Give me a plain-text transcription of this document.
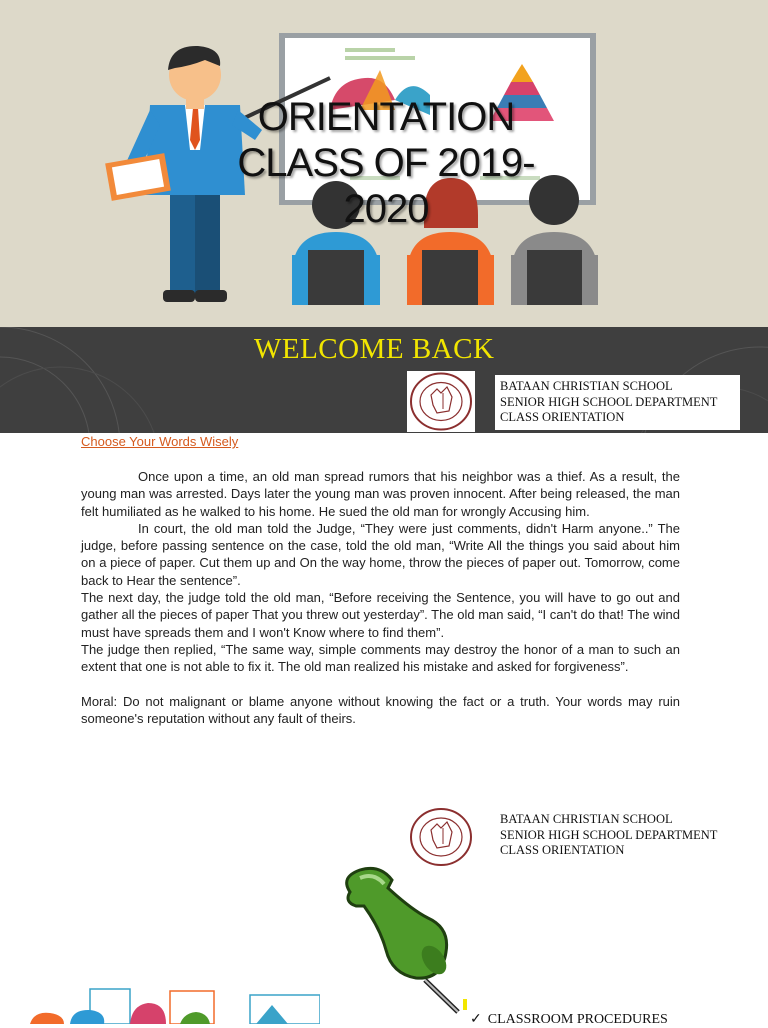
ORIENTATION
CLASS OF 2019-2020
WELCOME BACK
BATAAN CHRISTIAN SCHOOL
SENIOR HIGH SCHOOL DEPARTMENT
CLASS ORIENTATION
Choose Your Words Wisely

Once upon a time, an old man spread rumors that his neighbor was a thief. As a result, the young man was arrested. Days later the young man was proven innocent. After being released, the man felt humiliated as he walked to his home. He sued the old man for wrongly Accusing him.

In court, the old man told the Judge, “They were just comments, didn't Harm anyone..” The judge, before passing sentence on the case, told the old man, “Write All the things you said about him on a piece of paper. Cut them up and On the way home, throw the pieces of paper out. Tomorrow, come back to Hear the sentence”.

The next day, the judge told the old man, “Before receiving the Sentence, you will have to go out and gather all the pieces of paper That you threw out yesterday”. The old man said, “I can't do that! The wind must have spreads them and I won't Know where to find them”.

The judge then replied, “The same way, simple comments may destroy the honor of a man to such an extent that one is not able to fix it. The old man realized his mistake and asked for forgiveness”.

Moral: Do not malignant or blame anyone without knowing the fact or a truth. Your words may ruin someone's reputation without any fault of theirs.

BATAAN CHRISTIAN SCHOOL
SENIOR HIGH SCHOOL DEPARTMENT
CLASS ORIENTATION
✓ CLASSROOM PROCEDURES
